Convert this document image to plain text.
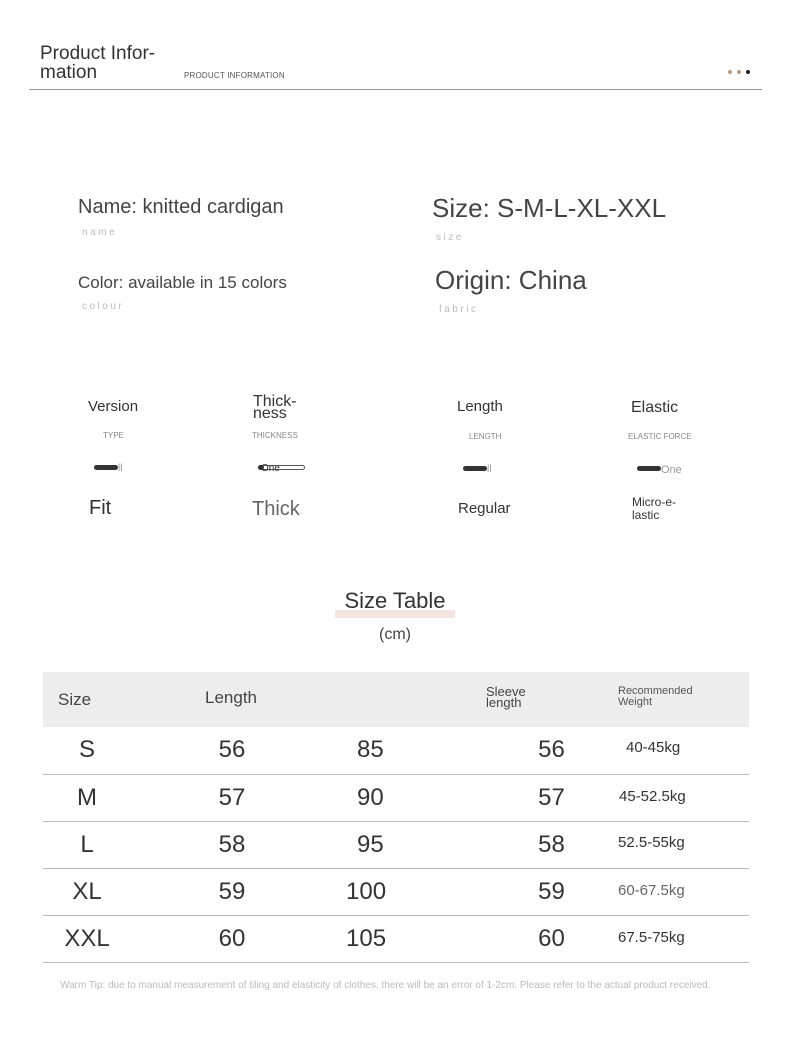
Product Infor-
mation	PRODUCT INFORMATION
Name: knitted cardigan
name
Size: S-M-L-XL-XXL
size
Color: available in 15 colors
colour
Origin: China
fabric
Version
TYPE
ll
Fit
Thick-
ness
THICKNESS
One
Thick
Length
LENGTH
ll
Regular
Elastic
ELASTIC FORCE
One
Micro-e-
lastic
Size Table
(cm)
Size	Length		Sleeve
length	Recommended
Weight
S	56	85	56	40-45kg
M	57	90	57	45-52.5kg
L	58	95	58	52.5-55kg
XL	59	100	59	60-67.5kg
XXL	60	105	60	67.5-75kg
Warm Tip: due to manual measurement of tiling and elasticity of clothes, there will be an error of 1-2cm. Please refer to the actual product received.
